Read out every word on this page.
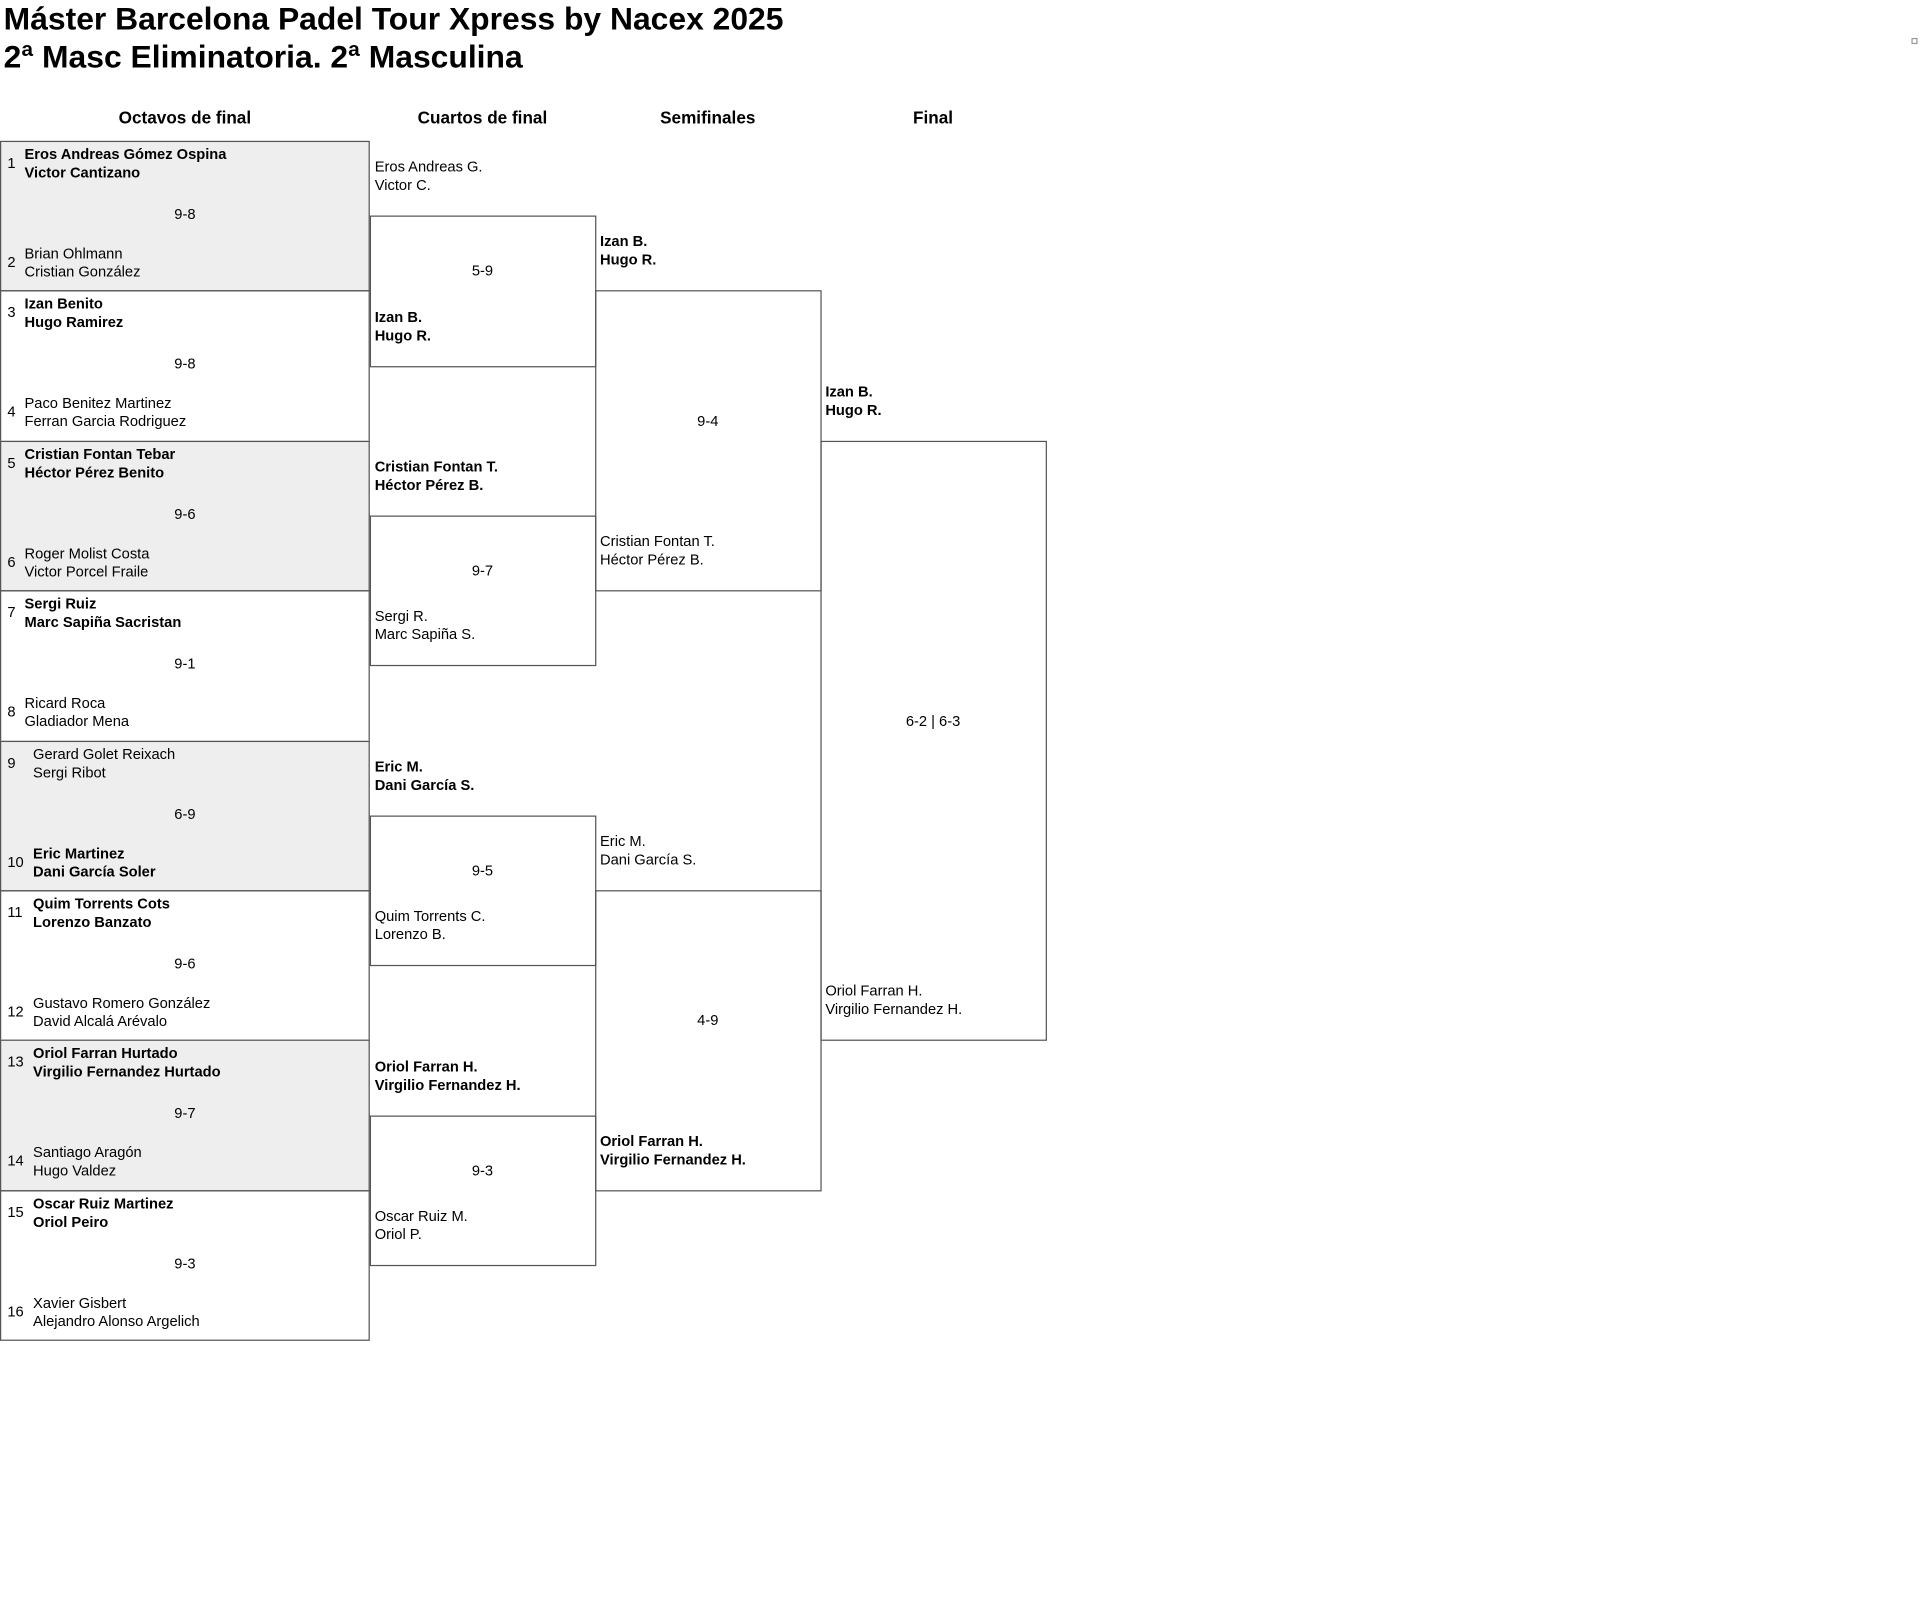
Máster Barcelona Padel Tour Xpress by Nacex 2025
2ª Masc Eliminatoria. 2ª Masculina
Octavos de final	Cuartos de final	Semifinales	Final
1 Eros Andreas Gómez Ospina
Victor Cantizano
9-8
2 Brian Ohlmann
Cristian González
3 Izan Benito
Hugo Ramirez
9-8
4 Paco Benitez Martinez
Ferran Garcia Rodriguez
5 Cristian Fontan Tebar
Héctor Pérez Benito
9-6
6 Roger Molist Costa
Victor Porcel Fraile
7
Sergi Ruiz
Marc Sapiña Sacristan
9-1
8 Ricard Roca
Gladiador Mena
9 Gerard Golet Reixach
Sergi Ribot
6-9
10 Eric Martinez
Dani García Soler
11
Quim Torrents Cots
Lorenzo Banzato
9-6
12 Gustavo Romero González
David Alcalá Arévalo
13 Oriol Farran Hurtado
Virgilio Fernandez Hurtado
9-7
14 Santiago Aragón
Hugo Valdez
15 Oscar Ruiz Martinez
Oriol Peiro
9-3
16
Xavier Gisbert
Alejandro Alonso Argelich
Eros Andreas G.
Victor C.
Izan B.
Hugo R.
5-9
Cristian Fontan T.
Héctor Pérez B.
Sergi R.
Marc Sapiña S.
9-7
Eric M.
Dani García S.
Quim Torrents C.
Lorenzo B.
9-5
Oriol Farran H.
Virgilio Fernandez H.
Oscar Ruiz M.
Oriol P.
9-3
Izan B.
Hugo R.
Cristian Fontan T.
Héctor Pérez B.
9-4
Eric M.
Dani García S.
Oriol Farran H.
Virgilio Fernandez H.
4-9
Izan B.
Hugo R.
Oriol Farran H.
Virgilio Fernandez H.
6-2 | 6-3
